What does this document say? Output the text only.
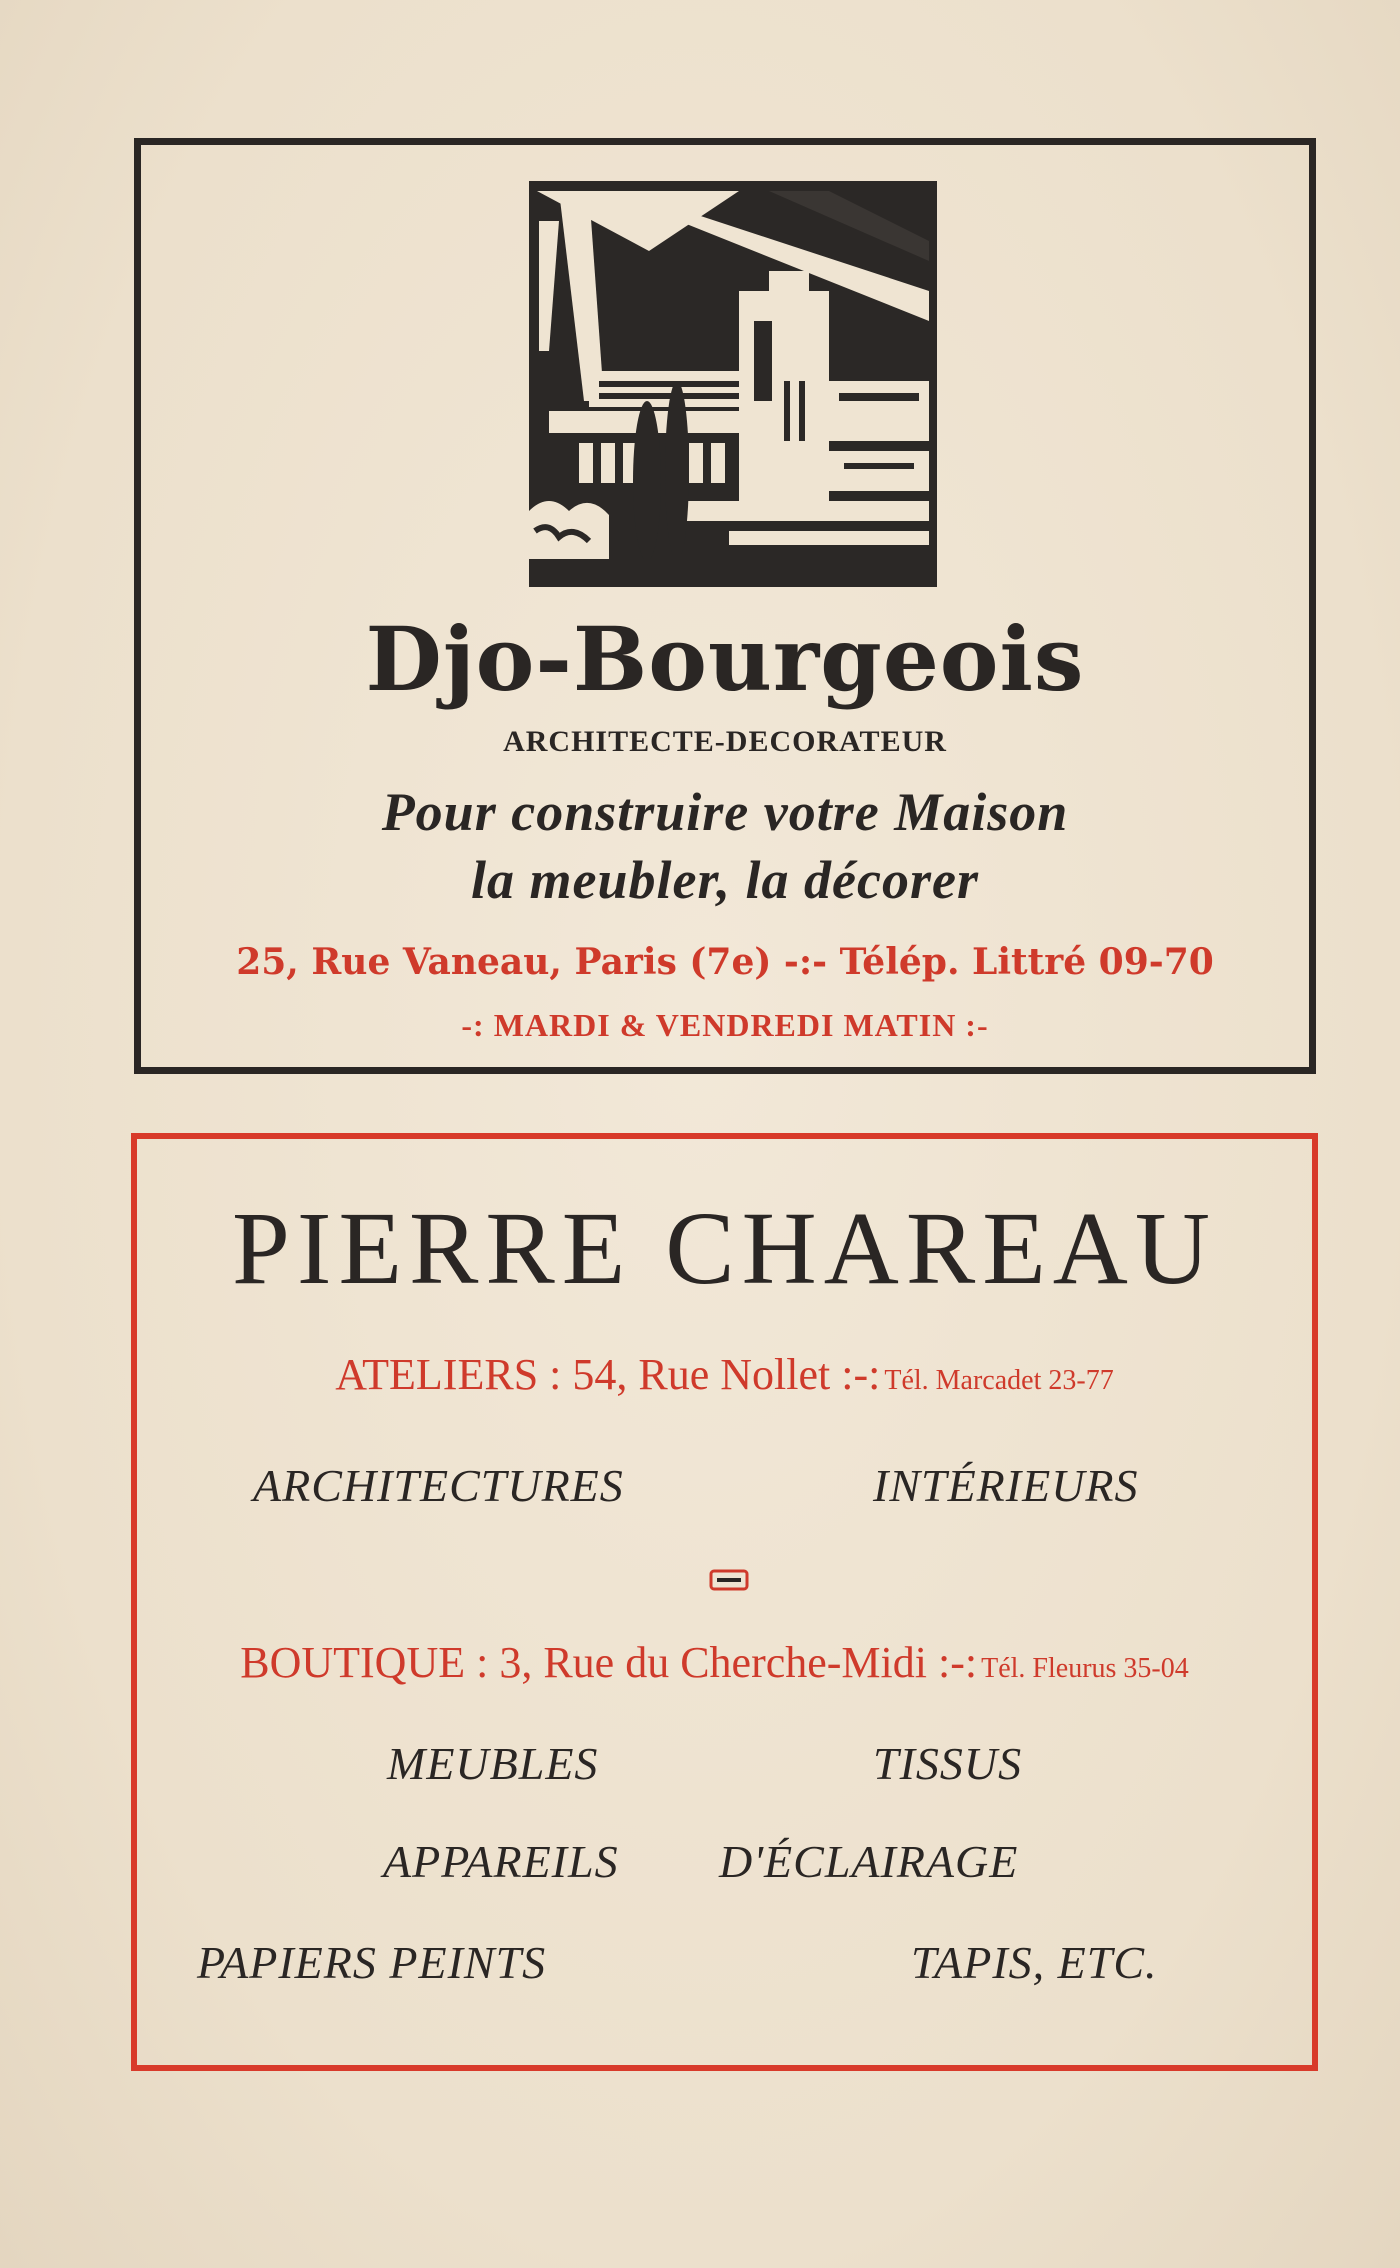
Djo-Bourgeois
ARCHITECTE-DECORATEUR
Pour construire votre Maison
la meubler, la décorer
25, Rue Vaneau, Paris (7e) -:- Télép. Littré 09-70
-: MARDI & VENDREDI MATIN :-
PIERRE CHAREAU
ATELIERS : 54, Rue Nollet :-: Tél. Marcadet 23-77
ARCHITECTURES	INTÉRIEURS
BOUTIQUE : 3, Rue du Cherche-Midi :-: Tél. Fleurus 35-04
MEUBLES	TISSUS
APPAREILS D'ÉCLAIRAGE
PAPIERS PEINTS	TAPIS, ETC.
